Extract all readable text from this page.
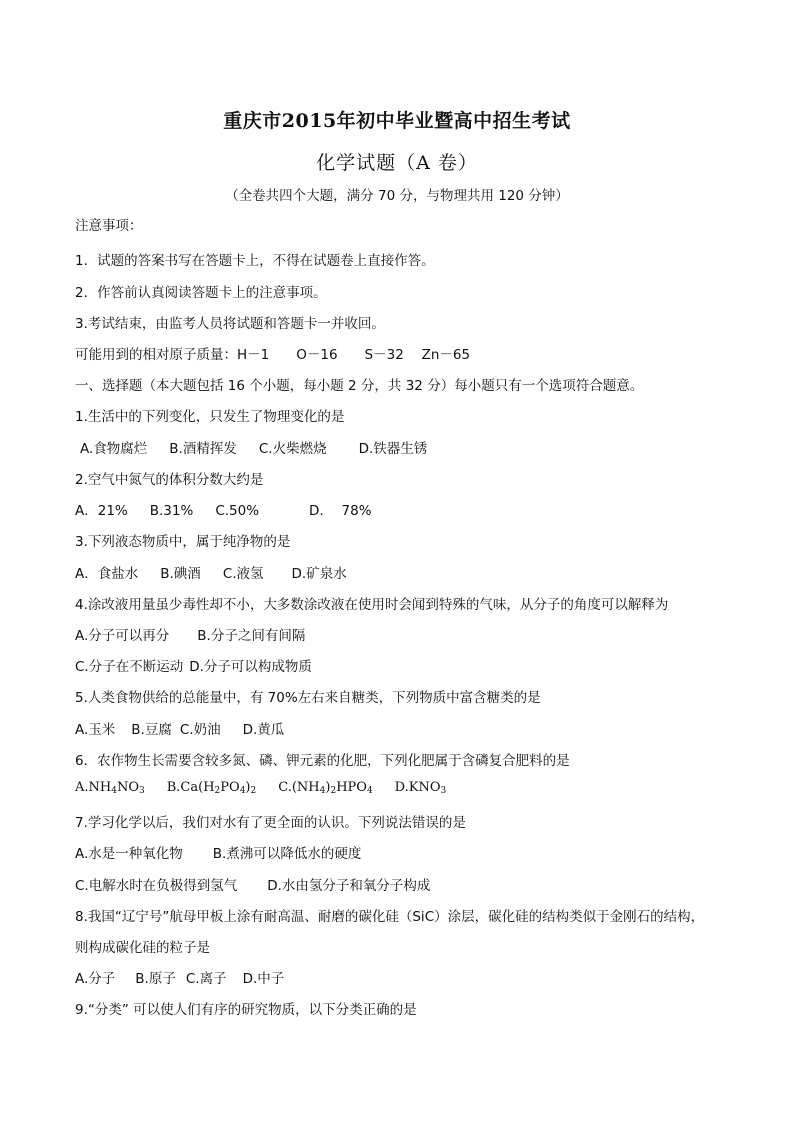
重庆市2015年初中毕业暨高中招生考试
化学试题（A 卷）
（全卷共四个大题，满分 70 分，与物理共用 120 分钟）
注意事项：
1．试题的答案书写在答题卡上，不得在试题卷上直接作答。
2．作答前认真阅读答题卡上的注意事项。
3.考试结束，由监考人员将试题和答题卡一并收回。
可能用到的相对原子质量：H－1　　O－16　　S－32　 Zn－65
一、选择题（本大题包括 16 个小题，每小题 2 分，共 32 分）每小题只有一个选项符合题意。
1.生活中的下列变化，只发生了物理变化的是
A.食物腐烂 B.酒精挥发 C.火柴燃烧 D.铁器生锈
2.空气中氮气的体积分数大约是
A．21% B.31% C.50%	D．  78%
3.下列液态物质中，属于纯净物的是
A．食盐水 B.碘酒 C.液氢 D.矿泉水
4.涂改液用量虽少毒性却不小，大多数涂改液在使用时会闻到特殊的气味，从分子的角度可以解释为
A.分子可以再分 B.分子之间有间隔
C.分子在不断运动 D.分子可以构成物质
5.人类食物供给的总能量中，有 70%左右来自糖类，下列物质中富含糖类的是
A.玉米 B.豆腐 C.奶油 D.黄瓜
6．农作物生长需要含较多氮、磷、钾元素的化肥，下列化肥属于含磷复合肥料的是
$A.NH_4NO_3$ $B.Ca(H_2PO_4)_2$ $C.(NH_4)_2HPO_4$ $D.KNO_3$
7.学习化学以后，我们对水有了更全面的认识。下列说法错误的是
A.水是一种氧化物 B.煮沸可以降低水的硬度
C.电解水时在负极得到氢气 D.水由氢分子和氧分子构成
8.我国“辽宁号”航母甲板上涂有耐高温、耐磨的碳化硅（SiC）涂层，碳化硅的结构类似于金刚石的结构，
则构成碳化硅的粒子是
A.分子 B.原子 C.离子 D.中子
9.“分类” 可以使人们有序的研究物质，以下分类正确的是
